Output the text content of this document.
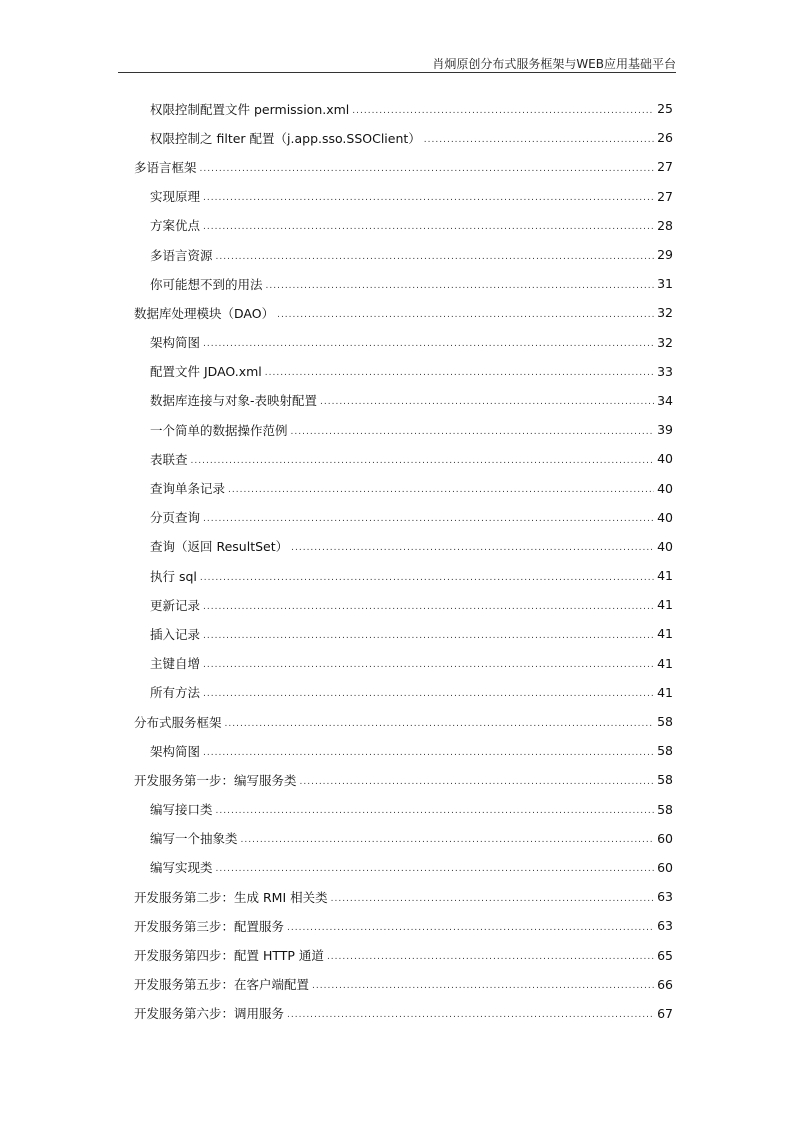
肖炯原创分布式服务框架与WEB应用基础平台
权限控制配置文件 permission.xml .....	25
权限控制之 filter 配置（j.app.sso.SSOClient） .....	26
多语言框架 .....	27
实现原理 .....	27
方案优点 .....	28
多语言资源 .....	29
你可能想不到的用法 .....	31
数据库处理模块（DAO） .....	32
架构简图 .....	32
配置文件 JDAO.xml .....	33
数据库连接与对象-表映射配置 .....	34
一个简单的数据操作范例 .....	39
表联查 .....	40
查询单条记录 .....	40
分页查询 .....	40
查询（返回 ResultSet） .....	40
执行 sql .....	41
更新记录 .....	41
插入记录 .....	41
主键自增 .....	41
所有方法 .....	41
分布式服务框架 .....	58
架构简图 .....	58
开发服务第一步：编写服务类 .....	58
编写接口类 .....	58
编写一个抽象类 .....	60
编写实现类 .....	60
开发服务第二步：生成 RMI 相关类 .....	63
开发服务第三步：配置服务 .....	63
开发服务第四步：配置 HTTP 通道 .....	65
开发服务第五步：在客户端配置 .....	66
开发服务第六步：调用服务 .....	67
